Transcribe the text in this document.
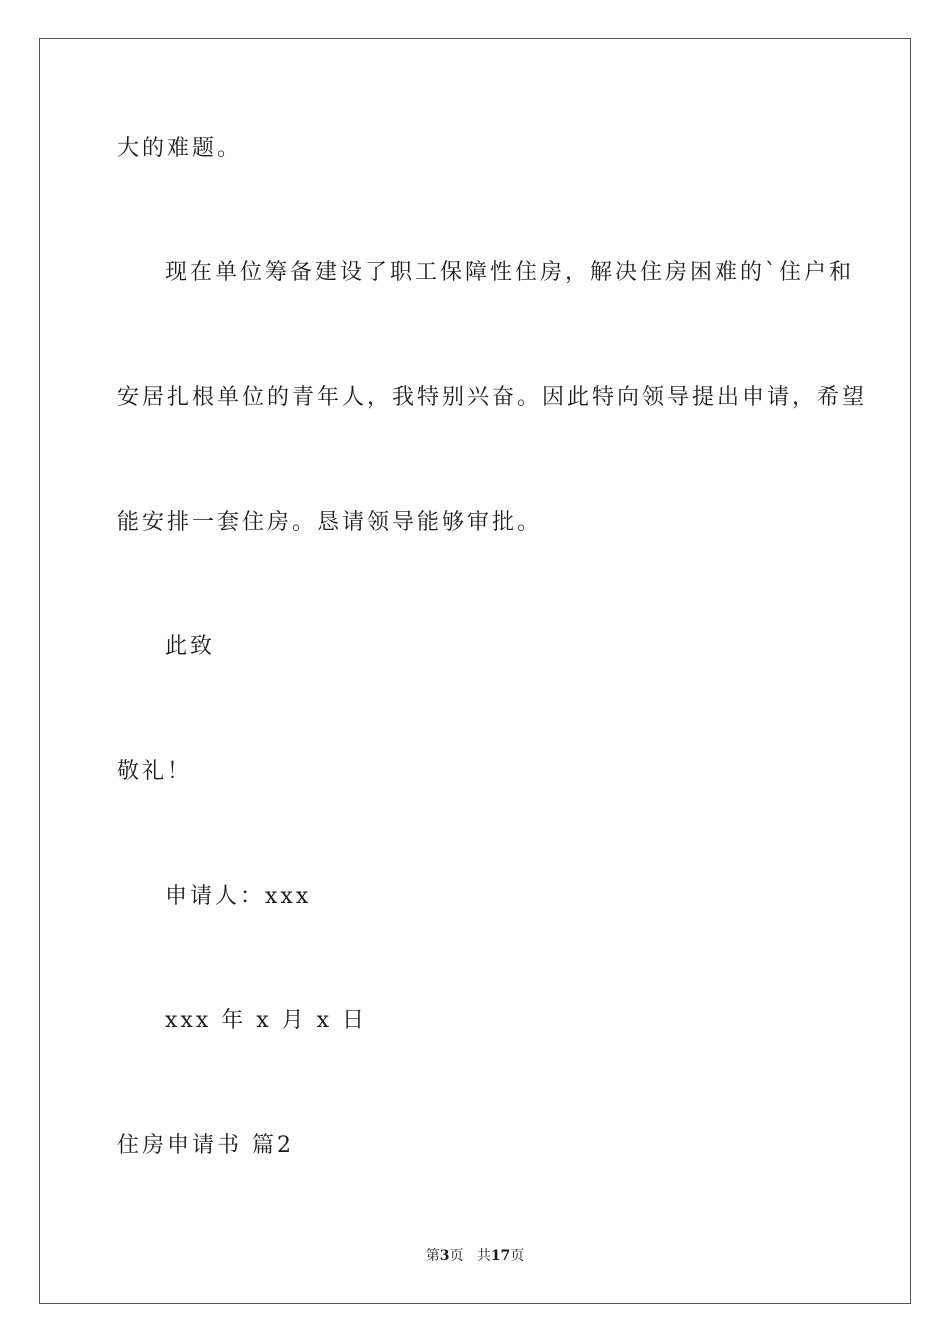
大的难题。
现在单位筹备建设了职工保障性住房，解决住房困难的`住户和
安居扎根单位的青年人，我特别兴奋。因此特向领导提出申请，希望
能安排一套住房。恳请领导能够审批。
此致
敬礼！
申请人：xxx
xxx 年 x 月 x 日
住房申请书 篇2
第3页 共17页
